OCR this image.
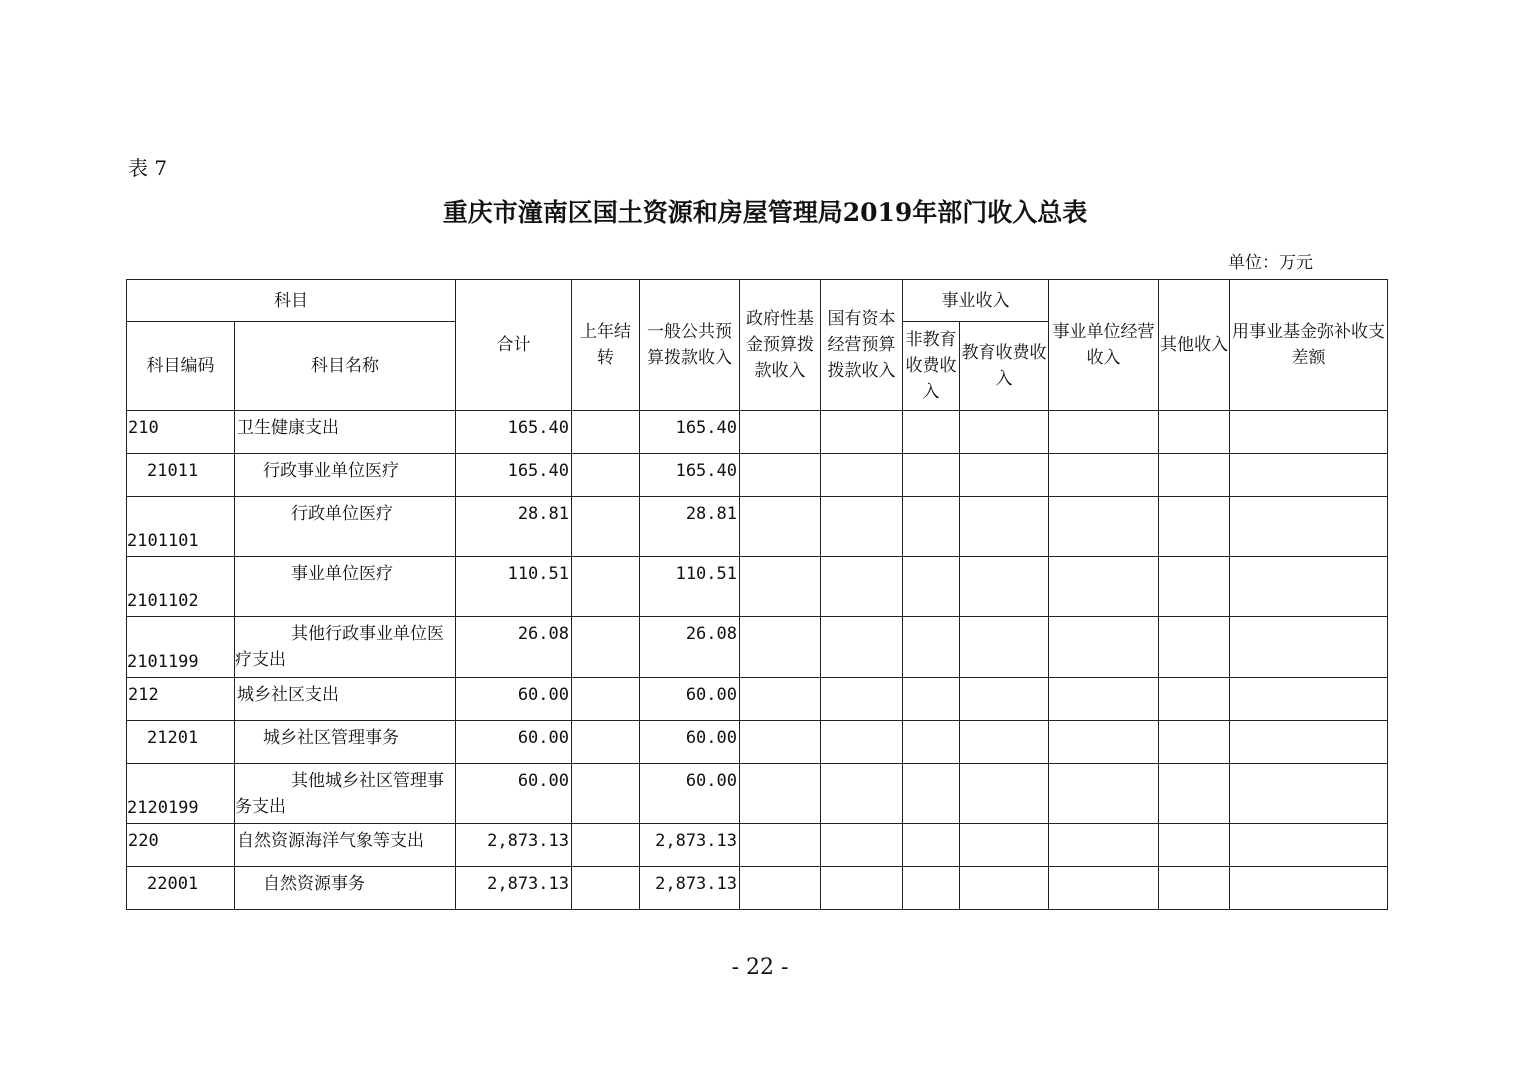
表 7
重庆市潼南区国土资源和房屋管理局2019年部门收入总表
单位：万元
科目		合计	上年结转	一般公共预算拨款收入	政府性基金预算拨款收入	国有资本经营预算拨款收入	事业收入		事业单位经营收入	其他收入	用事业基金弥补收支差额
科目编码	科目名称						非教育收费收入	教育收费收入			
210	卫生健康支出	165.40		165.40							
21011	行政事业单位医疗	165.40		165.40							
2101101	行政单位医疗	28.81		28.81							
2101102	事业单位医疗	110.51		110.51							
2101199	其他行政事业单位医疗支出	26.08		26.08							
212	城乡社区支出	60.00		60.00							
21201	城乡社区管理事务	60.00		60.00							
2120199	其他城乡社区管理事务支出	60.00		60.00							
220	自然资源海洋气象等支出	2,873.13		2,873.13							
22001	自然资源事务	2,873.13		2,873.13							
- 22 -
